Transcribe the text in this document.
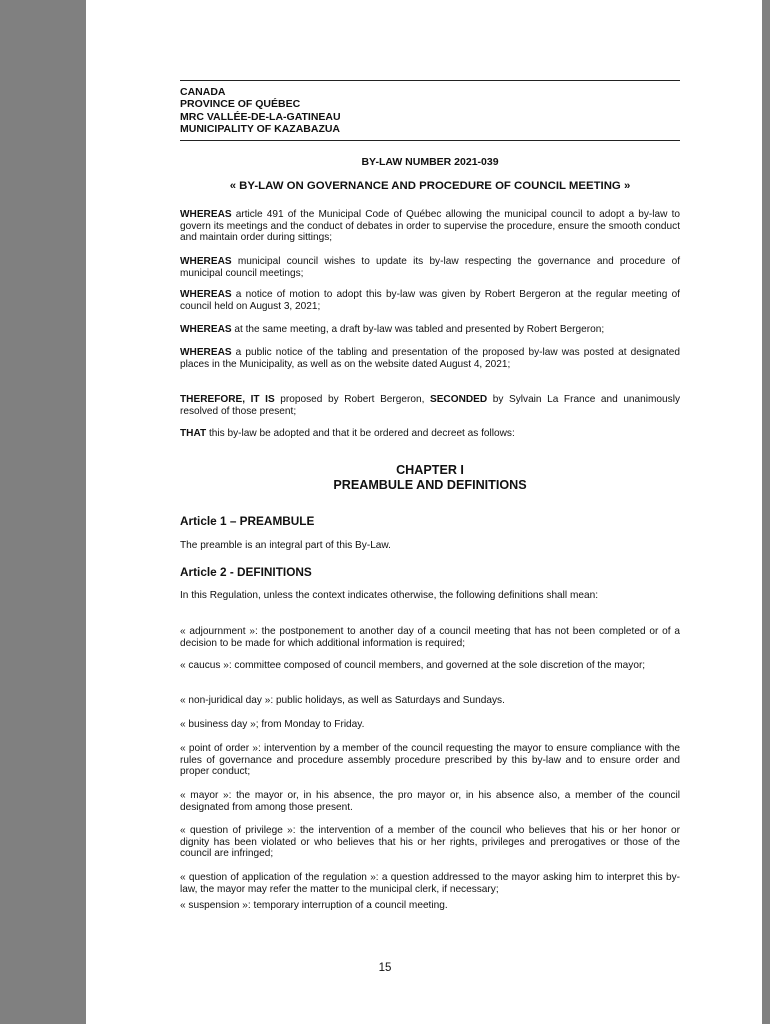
CANADA
PROVINCE OF QUÉBEC
MRC VALLÉE-DE-LA-GATINEAU
MUNICIPALITY OF KAZABAZUA
BY-LAW NUMBER 2021-039
« BY-LAW ON GOVERNANCE AND PROCEDURE OF COUNCIL MEETING »
WHEREAS article 491 of the Municipal Code of Québec allowing the municipal council to adopt a by-law to govern its meetings and the conduct of debates in order to supervise the procedure, ensure the smooth conduct and maintain order during sittings;
WHEREAS municipal council wishes to update its by-law respecting the governance and procedure of municipal council meetings;
WHEREAS a notice of motion to adopt this by-law was given by Robert Bergeron at the regular meeting of council held on August 3, 2021;
WHEREAS at the same meeting, a draft by-law was tabled and presented by Robert Bergeron;
WHEREAS a public notice of the tabling and presentation of the proposed by-law was posted at designated places in the Municipality, as well as on the website dated August 4, 2021;
THEREFORE, IT IS proposed by Robert Bergeron, SECONDED by Sylvain La France and unanimously resolved of those present;
THAT this by-law be adopted and that it be ordered and decreet as follows:
CHAPTER I
PREAMBULE AND DEFINITIONS
Article 1 – PREAMBULE
The preamble is an integral part of this By-Law.
Article 2 - DEFINITIONS
In this Regulation, unless the context indicates otherwise, the following definitions shall mean:
« adjournment »: the postponement to another day of a council meeting that has not been completed or of a decision to be made for which additional information is required;
« caucus »: committee composed of council members, and governed at the sole discretion of the mayor;
« non-juridical day »: public holidays, as well as Saturdays and Sundays.
« business day »; from Monday to Friday.
« point of order »: intervention by a member of the council requesting the mayor to ensure compliance with the rules of governance and procedure assembly procedure prescribed by this by-law and to ensure order and proper conduct;
« mayor »: the mayor or, in his absence, the pro mayor or, in his absence also, a member of the council designated from among those present.
« question of privilege »: the intervention of a member of the council who believes that his or her honor or dignity has been violated or who believes that his or her rights, privileges and prerogatives or those of the council are infringed;
« question of application of the regulation »: a question addressed to the mayor asking him to interpret this by-law, the mayor may refer the matter to the municipal clerk, if necessary;
« suspension »: temporary interruption of a council meeting.
15
